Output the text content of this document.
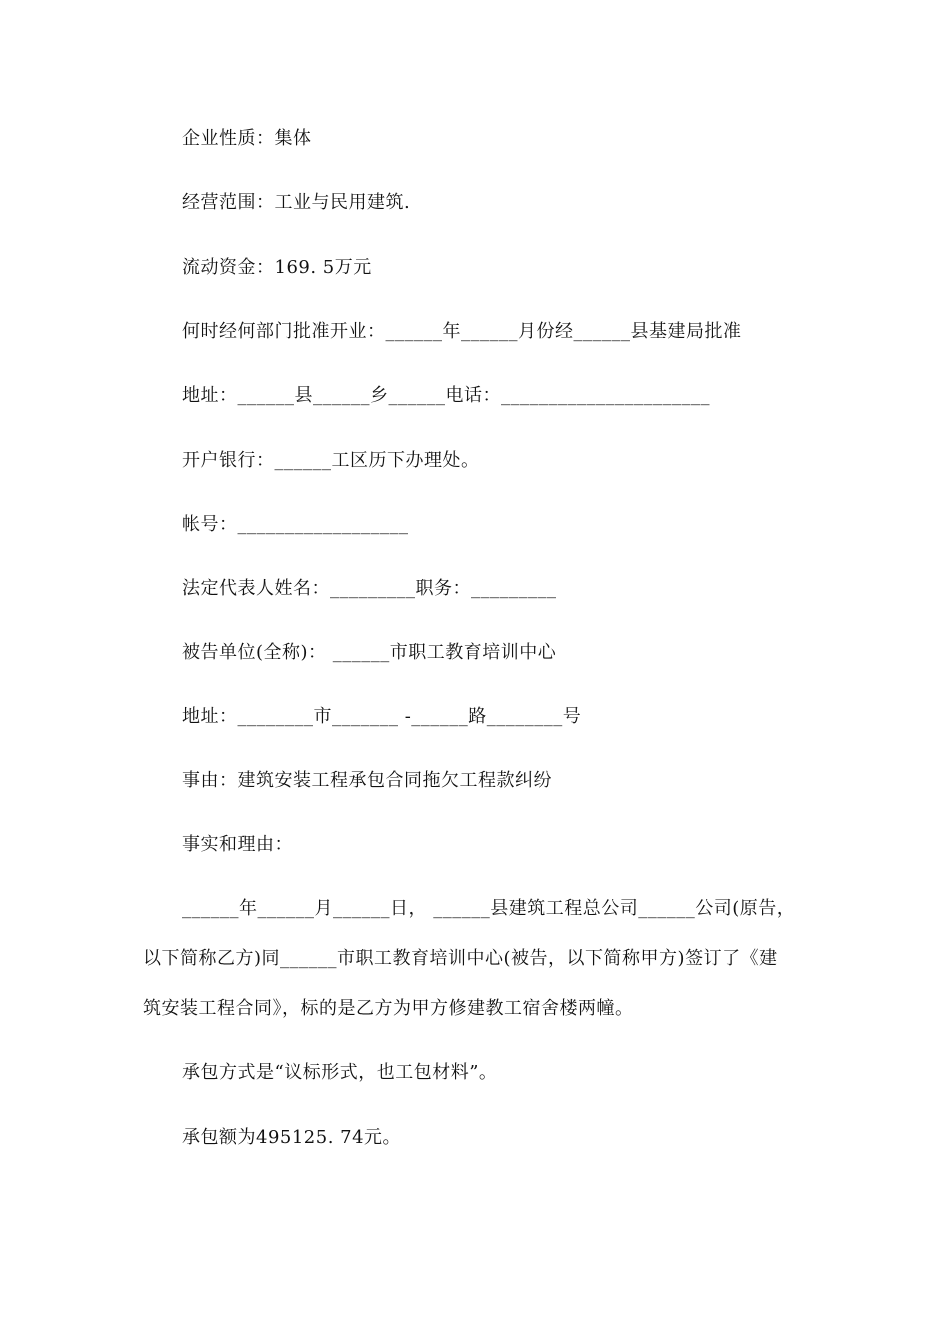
企业性质：集体
经营范围：工业与民用建筑.
流动资金：169. 5万元
何时经何部门批准开业：______年______月份经______县基建局批准
地址：______县______乡______电话：______________________
开户银行：______工区历下办理处。
帐号：__________________
法定代表人姓名：_________职务：_________
被告单位(全称)： ______市职工教育培训中心
地址：________市_______ -______路________号
事由：建筑安装工程承包合同拖欠工程款纠纷
事实和理由：
______年______月______日， ______县建筑工程总公司______公司(原告，
以下简称乙方)同______市职工教育培训中心(被告，以下简称甲方)签订了《建
筑安装工程合同》，标的是乙方为甲方修建教工宿舍楼两幢。
承包方式是“议标形式，也工包材料”。
承包额为495125. 74元。
